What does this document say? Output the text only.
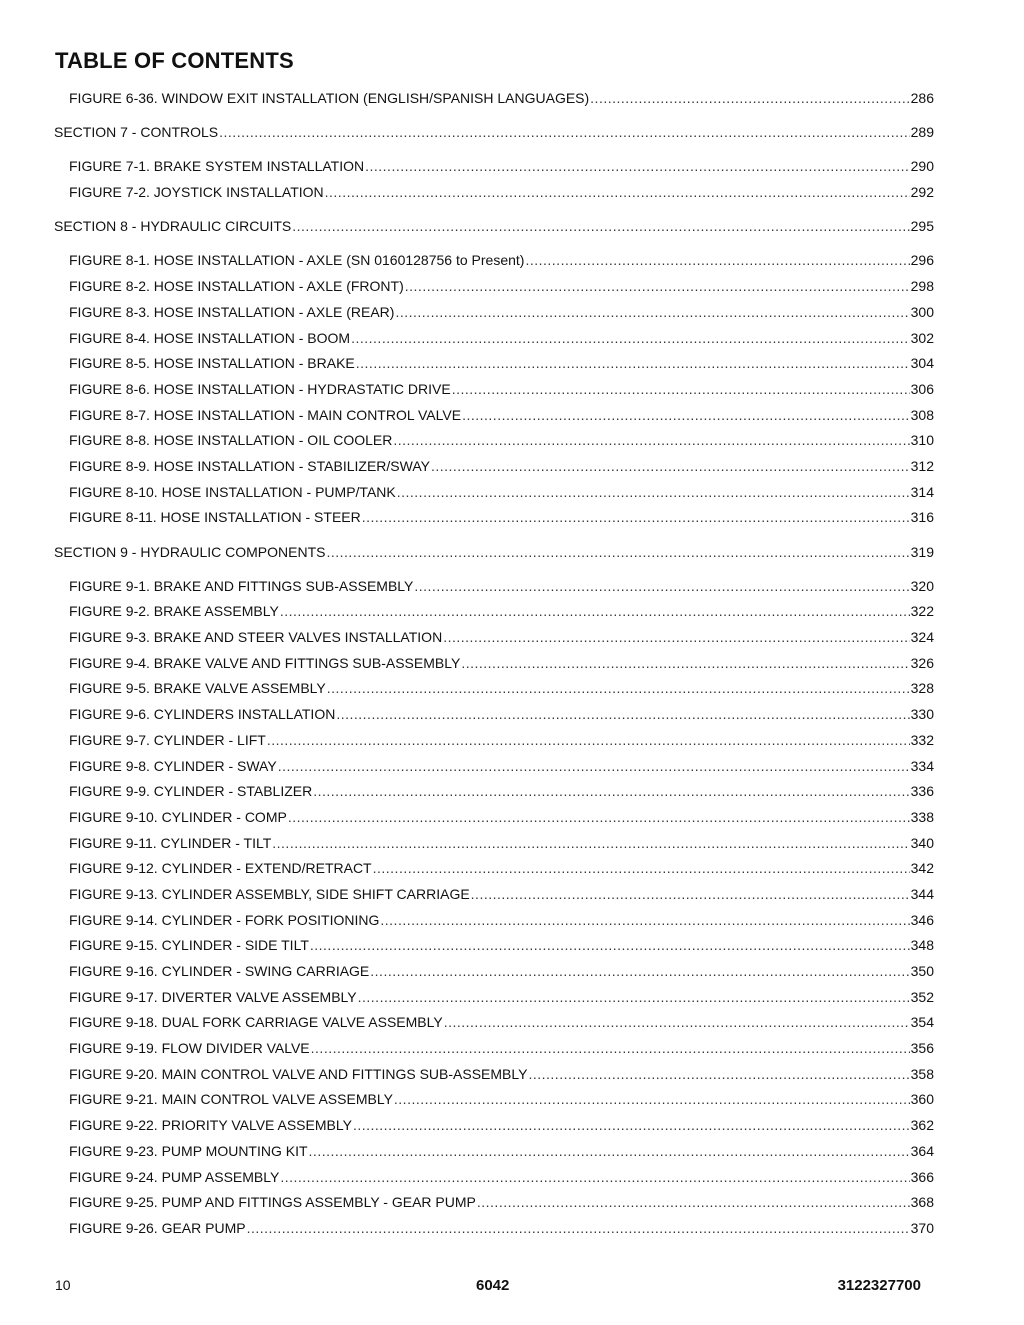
TABLE OF CONTENTS
FIGURE 6-36. WINDOW EXIT INSTALLATION (ENGLISH/SPANISH LANGUAGES) .....	286
SECTION 7 - CONTROLS .....	289
FIGURE 7-1. BRAKE SYSTEM INSTALLATION .....	290
FIGURE 7-2. JOYSTICK INSTALLATION .....	292
SECTION 8 - HYDRAULIC CIRCUITS .....	295
FIGURE 8-1. HOSE INSTALLATION - AXLE (SN 0160128756 to Present) .....	296
FIGURE 8-2. HOSE INSTALLATION - AXLE (FRONT) .....	298
FIGURE 8-3. HOSE INSTALLATION - AXLE (REAR) .....	300
FIGURE 8-4. HOSE INSTALLATION - BOOM .....	302
FIGURE 8-5. HOSE INSTALLATION - BRAKE .....	304
FIGURE 8-6. HOSE INSTALLATION - HYDRASTATIC DRIVE .....	306
FIGURE 8-7. HOSE INSTALLATION - MAIN CONTROL VALVE .....	308
FIGURE 8-8. HOSE INSTALLATION - OIL COOLER .....	310
FIGURE 8-9. HOSE INSTALLATION - STABILIZER/SWAY .....	312
FIGURE 8-10. HOSE INSTALLATION - PUMP/TANK .....	314
FIGURE 8-11. HOSE INSTALLATION - STEER .....	316
SECTION 9 - HYDRAULIC COMPONENTS .....	319
FIGURE 9-1. BRAKE AND FITTINGS SUB-ASSEMBLY .....	320
FIGURE 9-2. BRAKE ASSEMBLY .....	322
FIGURE 9-3. BRAKE AND STEER VALVES INSTALLATION .....	324
FIGURE 9-4. BRAKE VALVE AND FITTINGS SUB-ASSEMBLY .....	326
FIGURE 9-5. BRAKE VALVE ASSEMBLY .....	328
FIGURE 9-6. CYLINDERS INSTALLATION .....	330
FIGURE 9-7. CYLINDER - LIFT .....	332
FIGURE 9-8. CYLINDER - SWAY .....	334
FIGURE 9-9. CYLINDER - STABLIZER .....	336
FIGURE 9-10. CYLINDER - COMP .....	338
FIGURE 9-11. CYLINDER - TILT .....	340
FIGURE 9-12. CYLINDER - EXTEND/RETRACT .....	342
FIGURE 9-13. CYLINDER ASSEMBLY, SIDE SHIFT CARRIAGE .....	344
FIGURE 9-14. CYLINDER - FORK POSITIONING .....	346
FIGURE 9-15. CYLINDER - SIDE TILT .....	348
FIGURE 9-16. CYLINDER - SWING CARRIAGE .....	350
FIGURE 9-17. DIVERTER VALVE ASSEMBLY .....	352
FIGURE 9-18. DUAL FORK CARRIAGE VALVE ASSEMBLY .....	354
FIGURE 9-19. FLOW DIVIDER VALVE .....	356
FIGURE 9-20. MAIN CONTROL VALVE AND FITTINGS SUB-ASSEMBLY .....	358
FIGURE 9-21. MAIN CONTROL VALVE ASSEMBLY .....	360
FIGURE 9-22. PRIORITY VALVE ASSEMBLY .....	362
FIGURE 9-23. PUMP MOUNTING KIT .....	364
FIGURE 9-24. PUMP ASSEMBLY .....	366
FIGURE 9-25. PUMP AND FITTINGS ASSEMBLY - GEAR PUMP .....	368
FIGURE 9-26. GEAR PUMP .....	370
10	6042	3122327700
